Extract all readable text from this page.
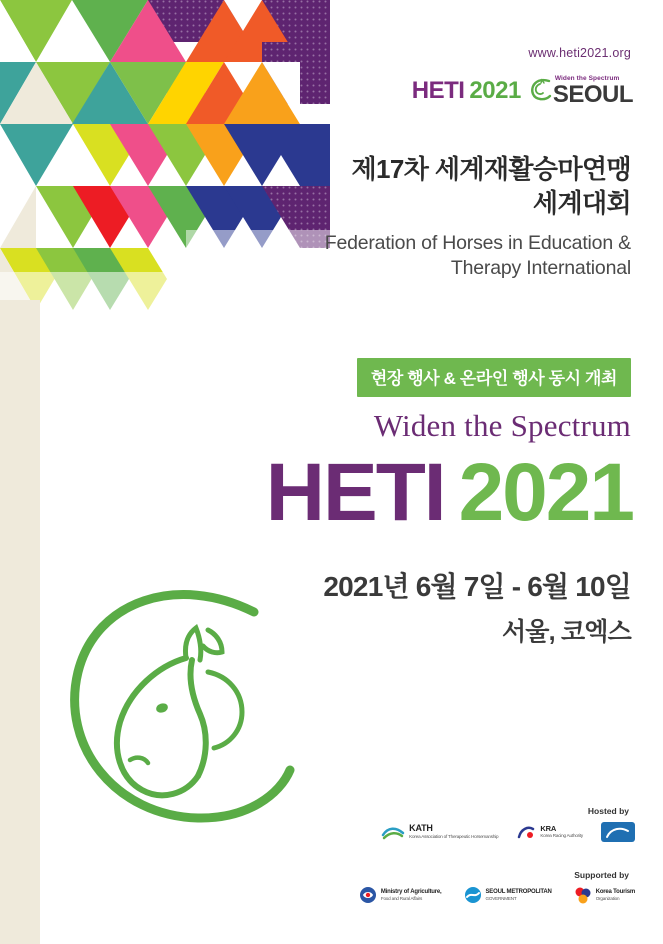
www.heti2021.org
HETI 2021	Widen the Spectrum
SEOUL
제17차 세계재활승마연맹
세계대회
Federation of Horses in Education &
Therapy International
현장 행사 & 온라인 행사 동시 개최
Widen the Spectrum
HETI 2021
2021년 6월 7일 - 6월 10일
서울, 코엑스
Hosted by
KATH
Korea Association of Therapeutic Horsemanship
KRA
Korea Racing Authority
Supported by
Ministry of Agriculture,
Food and Rural Affairs
SEOUL METROPOLITAN
GOVERNMENT
Korea Tourism
Organization
